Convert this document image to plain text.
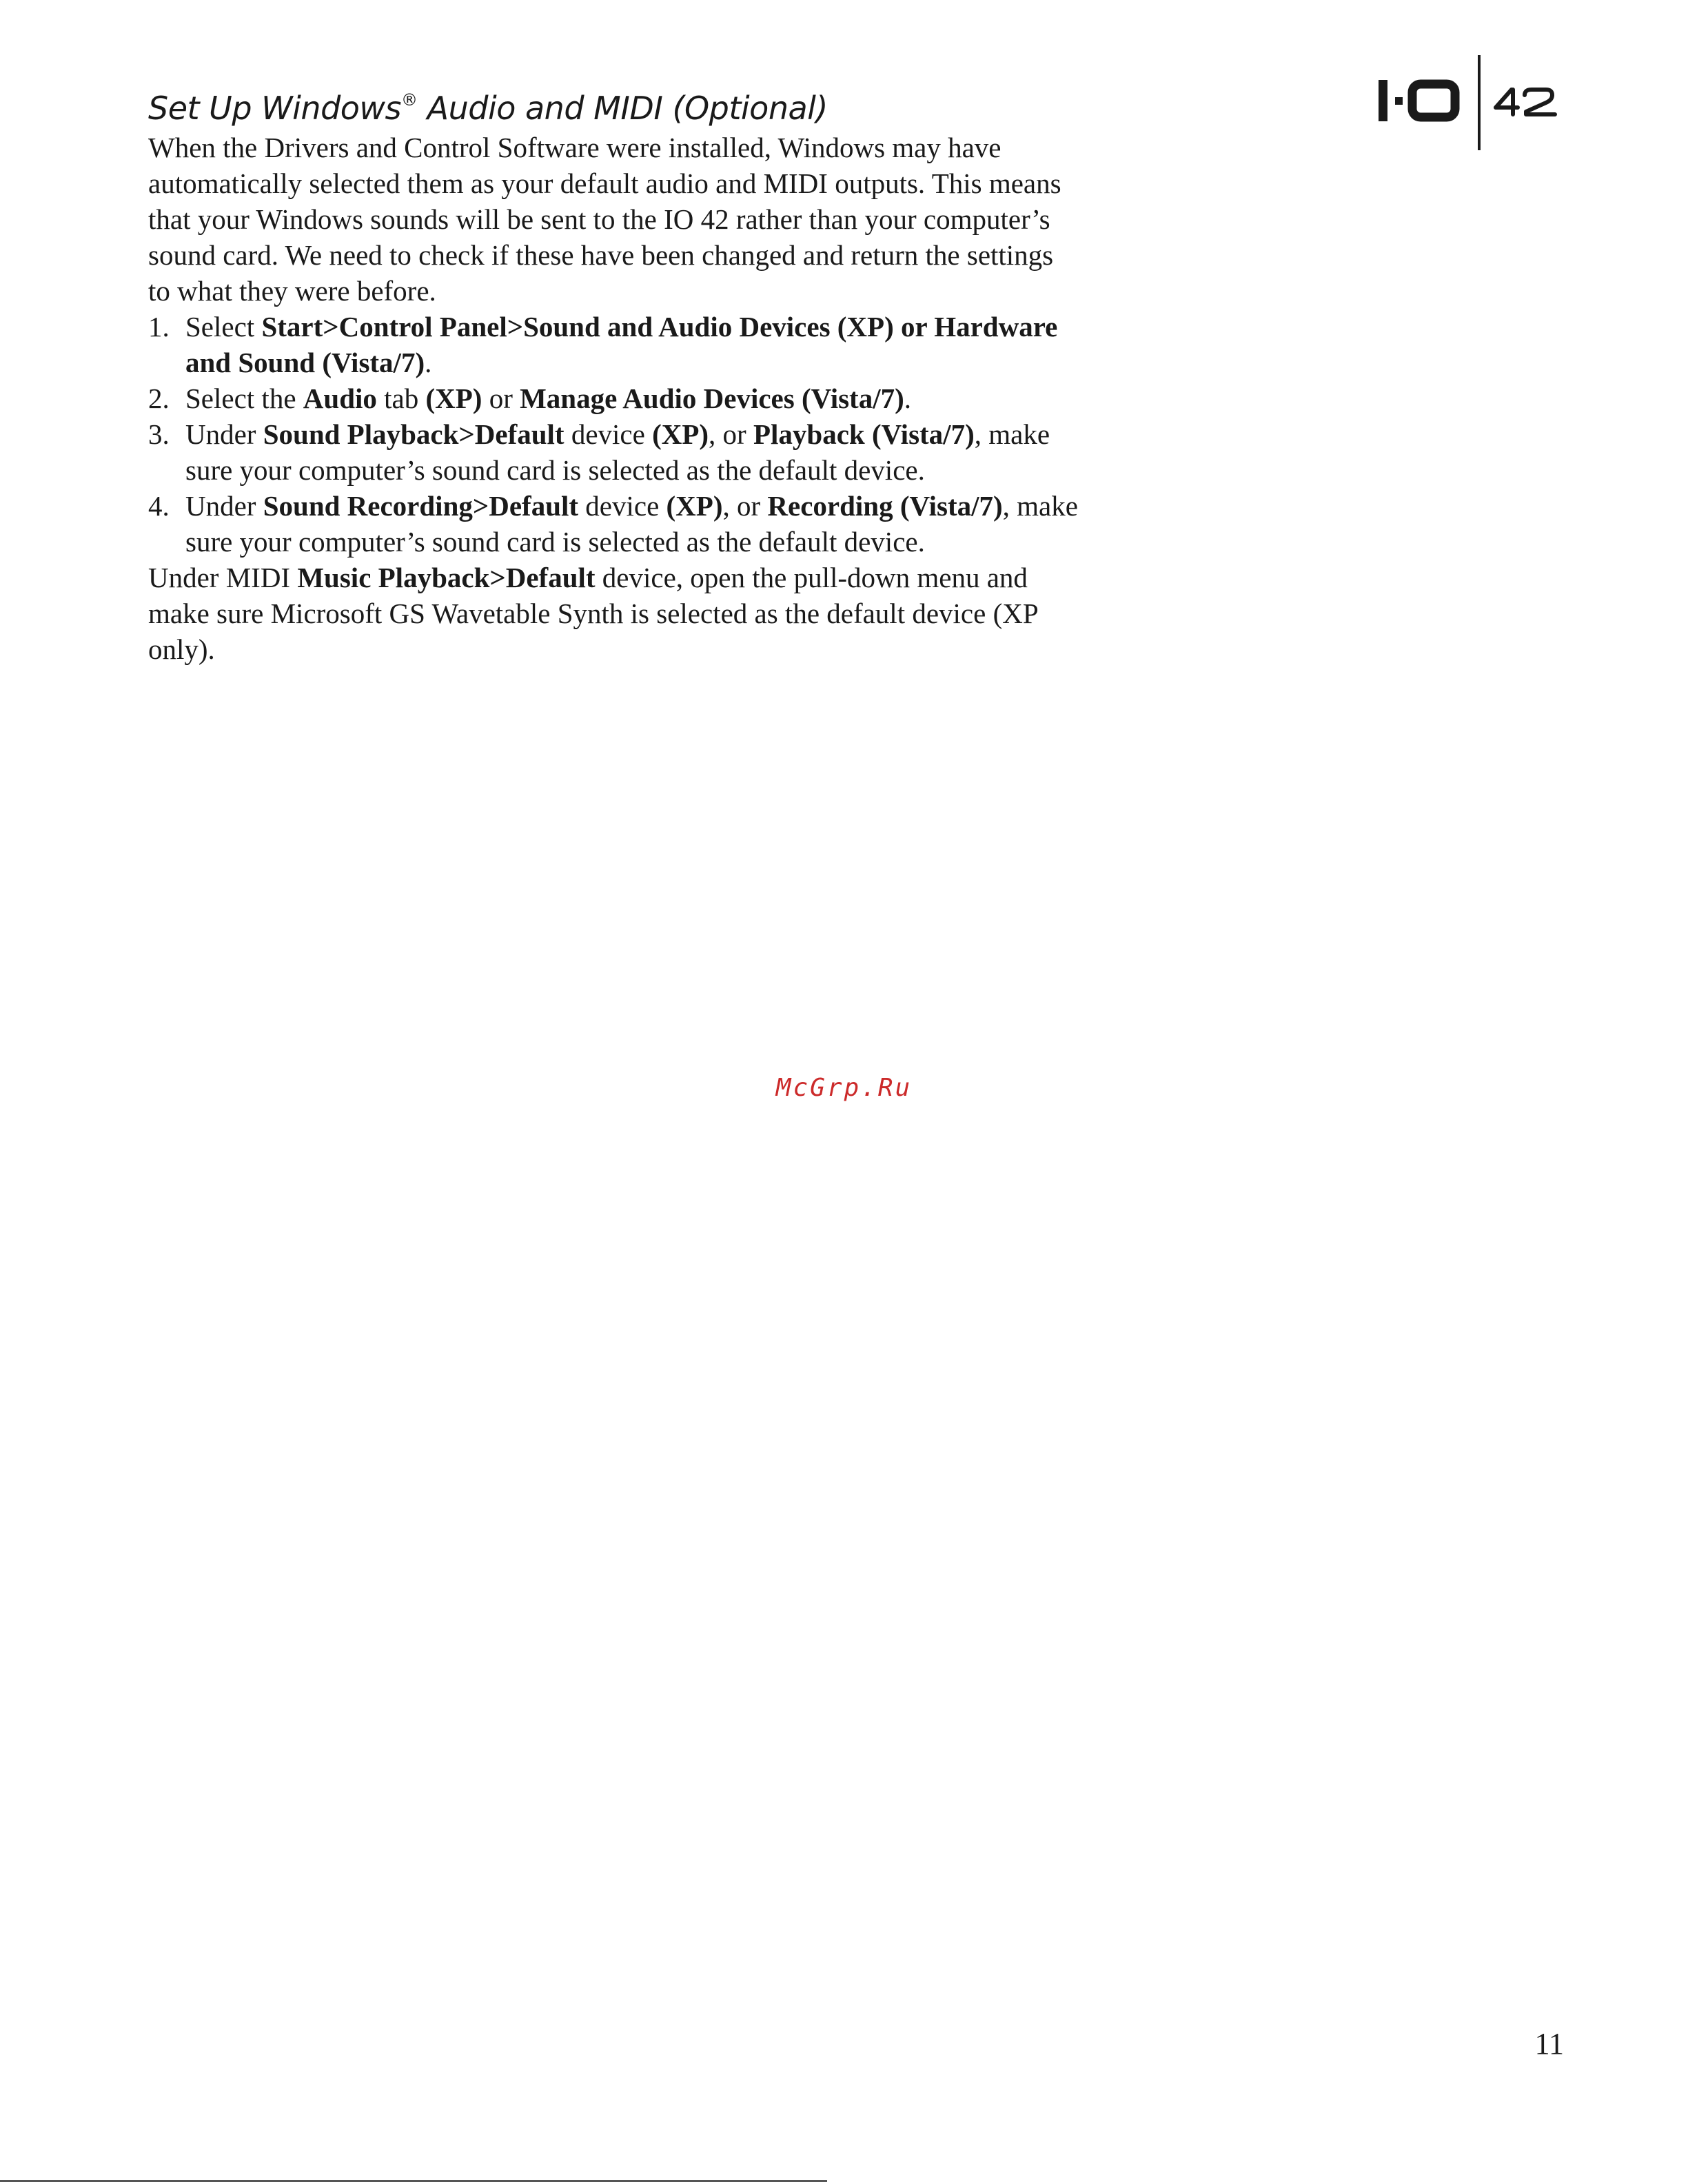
Set Up Windows® Audio and MIDI (Optional)

When the Drivers and Control Software were installed, Windows may have automatically selected them as your default audio and MIDI outputs. This means that your Windows sounds will be sent to the IO 42 rather than your computer’s sound card. We need to check if these have been changed and return the settings to what they were before.

1. Select Start>Control Panel>Sound and Audio Devices (XP) or Hardware and Sound (Vista/7).
2. Select the Audio tab (XP) or Manage Audio Devices (Vista/7).
3. Under Sound Playback>Default device (XP), or Playback (Vista/7), make sure your computer’s sound card is selected as the default device.
4. Under Sound Recording>Default device (XP), or Recording (Vista/7), make sure your computer’s sound card is selected as the default device.

Under MIDI Music Playback>Default device, open the pull-down menu and make sure Microsoft GS Wavetable Synth is selected as the default device (XP only).

McGrp.Ru
11
